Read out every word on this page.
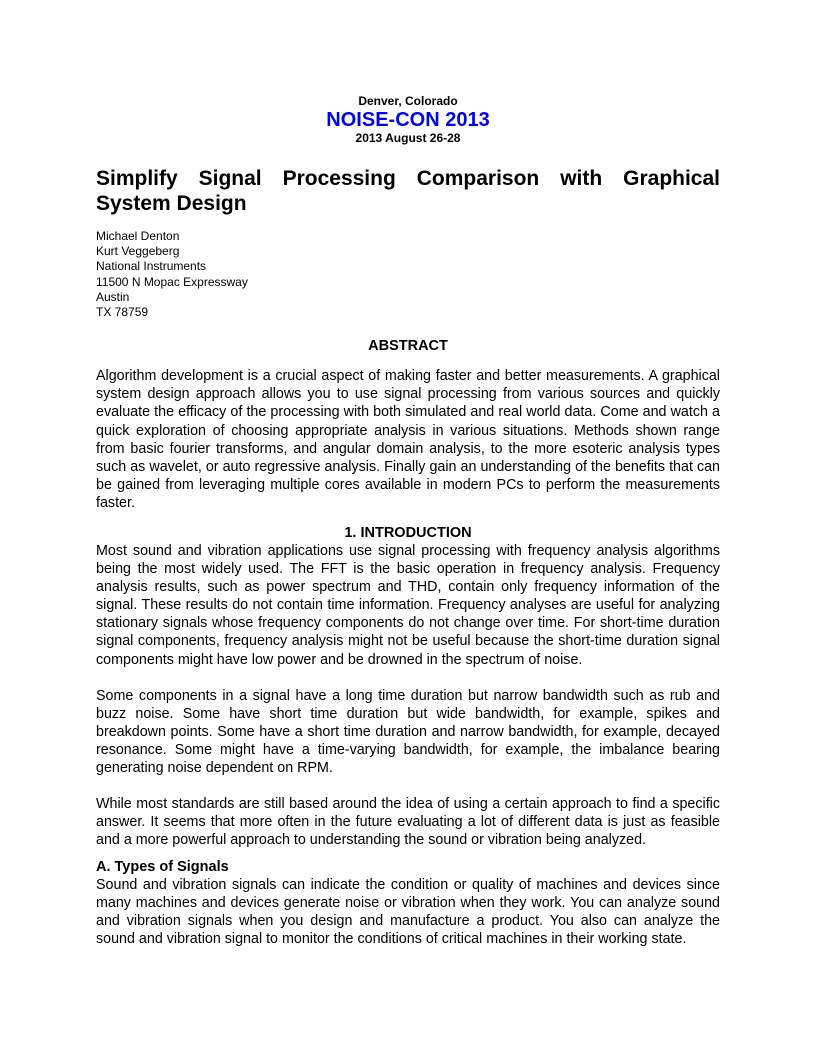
Denver, Colorado
NOISE-CON 2013
2013 August 26-28
Simplify Signal Processing Comparison with Graphical System Design
Michael Denton
Kurt Veggeberg
National Instruments
11500 N Mopac Expressway
Austin
TX 78759
ABSTRACT

Algorithm development is a crucial aspect of making faster and better measurements. A graphical system design approach allows you to use signal processing from various sources and quickly evaluate the efficacy of the processing with both simulated and real world data. Come and watch a quick exploration of choosing appropriate analysis in various situations. Methods shown range from basic fourier transforms, and angular domain analysis, to the more esoteric analysis types such as wavelet, or auto regressive analysis. Finally gain an understanding of the benefits that can be gained from leveraging multiple cores available in modern PCs to perform the measurements faster.

1. INTRODUCTION

Most sound and vibration applications use signal processing with frequency analysis algorithms being the most widely used. The FFT is the basic operation in frequency analysis. Frequency analysis results, such as power spectrum and THD, contain only frequency information of the signal. These results do not contain time information. Frequency analyses are useful for analyzing stationary signals whose frequency components do not change over time. For short-time duration signal components, frequency analysis might not be useful because the short-time duration signal components might have low power and be drowned in the spectrum of noise.

Some components in a signal have a long time duration but narrow bandwidth such as rub and buzz noise. Some have short time duration but wide bandwidth, for example, spikes and breakdown points. Some have a short time duration and narrow bandwidth, for example, decayed resonance. Some might have a time-varying bandwidth, for example, the imbalance bearing generating noise dependent on RPM.

While most standards are still based around the idea of using a certain approach to find a specific answer. It seems that more often in the future evaluating a lot of different data is just as feasible and a more powerful approach to understanding the sound or vibration being analyzed.

A. Types of Signals

Sound and vibration signals can indicate the condition or quality of machines and devices since many machines and devices generate noise or vibration when they work. You can analyze sound and vibration signals when you design and manufacture a product. You also can analyze the sound and vibration signal to monitor the conditions of critical machines in their working state.
